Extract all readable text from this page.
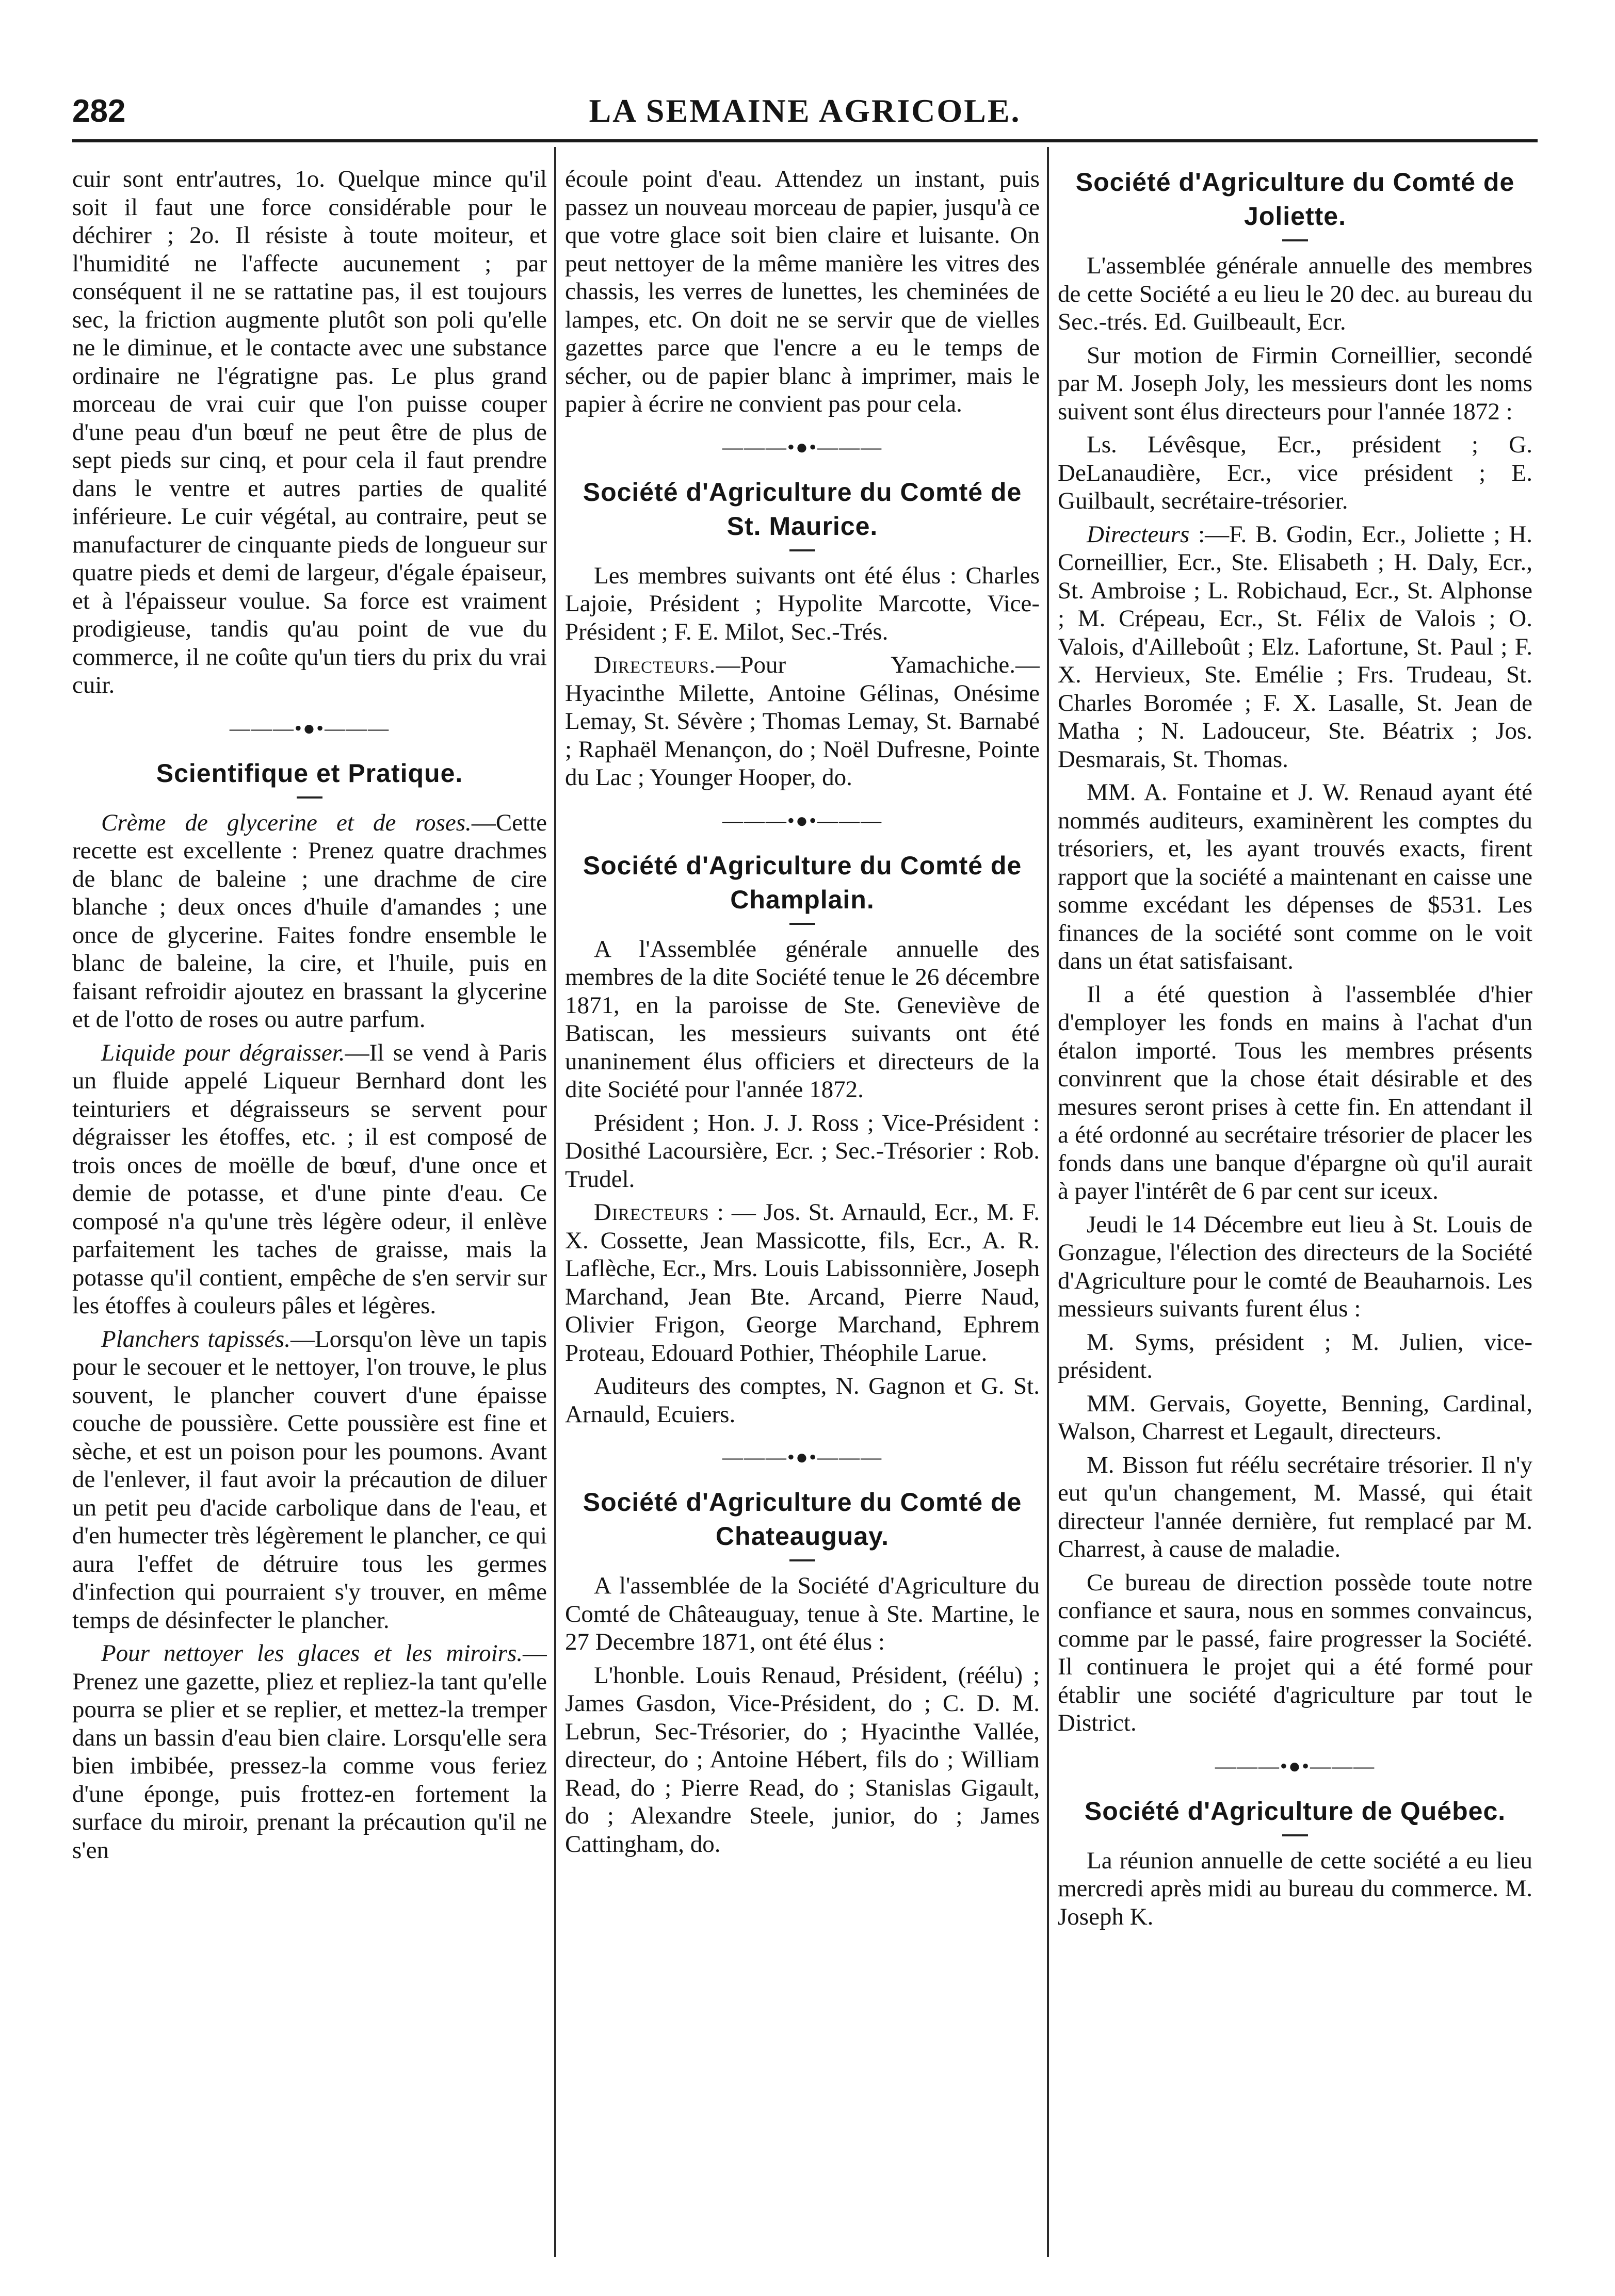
282	LA SEMAINE AGRICOLE.

cuir sont entr'autres, 1o. Quelque mince qu'il soit il faut une force considérable pour le déchirer ; 2o. Il résiste à toute moiteur, et l'humidité ne l'affecte aucunement ; par conséquent il ne se rattatine pas, il est toujours sec, la friction augmente plutôt son poli qu'elle ne le diminue, et le contacte avec une substance ordinaire ne l'égratigne pas. Le plus grand morceau de vrai cuir que l'on puisse couper d'une peau d'un bœuf ne peut être de plus de sept pieds sur cinq, et pour cela il faut prendre dans le ventre et autres parties de qualité inférieure. Le cuir végétal, au contraire, peut se manufacturer de cinquante pieds de longueur sur quatre pieds et demi de largeur, d'égale épaiseur, et à l'épaisseur voulue. Sa force est vraiment prodigieuse, tandis qu'au point de vue du commerce, il ne coûte qu'un tiers du prix du vrai cuir.

———•●•———
Scientifique et Pratique.

Crème de glycerine et de roses.—Cette recette est excellente : Prenez quatre drachmes de blanc de baleine ; une drachme de cire blanche ; deux onces d'huile d'amandes ; une once de glycerine. Faites fondre ensemble le blanc de baleine, la cire, et l'huile, puis en faisant refroidir ajoutez en brassant la glycerine et de l'otto de roses ou autre parfum.

Liquide pour dégraisser.—Il se vend à Paris un fluide appelé Liqueur Bernhard dont les teinturiers et dégraisseurs se servent pour dégraisser les étoffes, etc. ; il est composé de trois onces de moëlle de bœuf, d'une once et demie de potasse, et d'une pinte d'eau. Ce composé n'a qu'une très légère odeur, il enlève parfaitement les taches de graisse, mais la potasse qu'il contient, empêche de s'en servir sur les étoffes à couleurs pâles et légères.

Planchers tapissés.—Lorsqu'on lève un tapis pour le secouer et le nettoyer, l'on trouve, le plus souvent, le plancher couvert d'une épaisse couche de poussière. Cette poussière est fine et sèche, et est un poison pour les poumons. Avant de l'enlever, il faut avoir la précaution de diluer un petit peu d'acide carbolique dans de l'eau, et d'en humecter très légèrement le plancher, ce qui aura l'effet de détruire tous les germes d'infection qui pourraient s'y trouver, en même temps de désinfecter le plancher.

Pour nettoyer les glaces et les miroirs.—Prenez une gazette, pliez et repliez-la tant qu'elle pourra se plier et se replier, et mettez-la tremper dans un bassin d'eau bien claire. Lorsqu'elle sera bien imbibée, pressez-la comme vous feriez d'une éponge, puis frottez-en fortement la surface du miroir, prenant la précaution qu'il ne s'en

écoule point d'eau. Attendez un instant, puis passez un nouveau morceau de papier, jusqu'à ce que votre glace soit bien claire et luisante. On peut nettoyer de la même manière les vitres des chassis, les verres de lunettes, les cheminées de lampes, etc. On doit ne se servir que de vielles gazettes parce que l'encre a eu le temps de sécher, ou de papier blanc à imprimer, mais le papier à écrire ne convient pas pour cela.

———•●•———
Société d'Agriculture du Comté de
St. Maurice.

Les membres suivants ont été élus : Charles Lajoie, Président ; Hypolite Marcotte, Vice-Président ; F. E. Milot, Sec.-Trés.

Directeurs.—Pour Yamachiche.—Hyacinthe Milette, Antoine Gélinas, Onésime Lemay, St. Sévère ; Thomas Lemay, St. Barnabé ; Raphaël Menançon, do ; Noël Dufresne, Pointe du Lac ; Younger Hooper, do.

———•●•———
Société d'Agriculture du Comté de
Champlain.

A l'Assemblée générale annuelle des membres de la dite Société tenue le 26 décembre 1871, en la paroisse de Ste. Geneviève de Batiscan, les messieurs suivants ont été unaninement élus officiers et directeurs de la dite Société pour l'année 1872.

Président ; Hon. J. J. Ross ; Vice-Président : Dosithé Lacoursière, Ecr. ; Sec.-Trésorier : Rob. Trudel.

Directeurs : — Jos. St. Arnauld, Ecr., M. F. X. Cossette, Jean Massicotte, fils, Ecr., A. R. Laflèche, Ecr., Mrs. Louis Labissonnière, Joseph Marchand, Jean Bte. Arcand, Pierre Naud, Olivier Frigon, George Marchand, Ephrem Proteau, Edouard Pothier, Théophile Larue.

Auditeurs des comptes, N. Gagnon et G. St. Arnauld, Ecuiers.

———•●•———
Société d'Agriculture du Comté de
Chateauguay.

A l'assemblée de la Société d'Agriculture du Comté de Châteauguay, tenue à Ste. Martine, le 27 Decembre 1871, ont été élus :

L'honble. Louis Renaud, Président, (réélu) ; James Gasdon, Vice-Président, do ; C. D. M. Lebrun, Sec-Trésorier, do ; Hyacinthe Vallée, directeur, do ; Antoine Hébert, fils do ; William Read, do ; Pierre Read, do ; Stanislas Gigault, do ; Alexandre Steele, junior, do ; James Cattingham, do.

Société d'Agriculture du Comté de
Joliette.

L'assemblée générale annuelle des membres de cette Société a eu lieu le 20 dec. au bureau du Sec.-trés. Ed. Guilbeault, Ecr.

Sur motion de Firmin Corneillier, secondé par M. Joseph Joly, les messieurs dont les noms suivent sont élus directeurs pour l'année 1872 :

Ls. Lévêsque, Ecr., président ; G. DeLanaudière, Ecr., vice président ; E. Guilbault, secrétaire-trésorier.

Directeurs :—F. B. Godin, Ecr., Joliette ; H. Corneillier, Ecr., Ste. Elisabeth ; H. Daly, Ecr., St. Ambroise ; L. Robichaud, Ecr., St. Alphonse ; M. Crépeau, Ecr., St. Félix de Valois ; O. Valois, d'Ailleboût ; Elz. Lafortune, St. Paul ; F. X. Hervieux, Ste. Emélie ; Frs. Trudeau, St. Charles Boromée ; F. X. Lasalle, St. Jean de Matha ; N. Ladouceur, Ste. Béatrix ; Jos. Desmarais, St. Thomas.

MM. A. Fontaine et J. W. Renaud ayant été nommés auditeurs, examinèrent les comptes du trésoriers, et, les ayant trouvés exacts, firent rapport que la société a maintenant en caisse une somme excédant les dépenses de $531. Les finances de la société sont comme on le voit dans un état satisfaisant.

Il a été question à l'assemblée d'hier d'employer les fonds en mains à l'achat d'un étalon importé. Tous les membres présents convinrent que la chose était désirable et des mesures seront prises à cette fin. En attendant il a été ordonné au secrétaire trésorier de placer les fonds dans une banque d'épargne où qu'il aurait à payer l'intérêt de 6 par cent sur iceux.

Jeudi le 14 Décembre eut lieu à St. Louis de Gonzague, l'élection des directeurs de la Société d'Agriculture pour le comté de Beauharnois. Les messieurs suivants furent élus :

M. Syms, président ; M. Julien, vice-président.

MM. Gervais, Goyette, Benning, Cardinal, Walson, Charrest et Legault, directeurs.

M. Bisson fut réélu secrétaire trésorier. Il n'y eut qu'un changement, M. Massé, qui était directeur l'année dernière, fut remplacé par M. Charrest, à cause de maladie.

Ce bureau de direction possède toute notre confiance et saura, nous en sommes convaincus, comme par le passé, faire progresser la Société. Il continuera le projet qui a été formé pour établir une société d'agriculture par tout le District.

———•●•———
Société d'Agriculture de Québec.

La réunion annuelle de cette société a eu lieu mercredi après midi au bureau du commerce. M. Joseph K.
